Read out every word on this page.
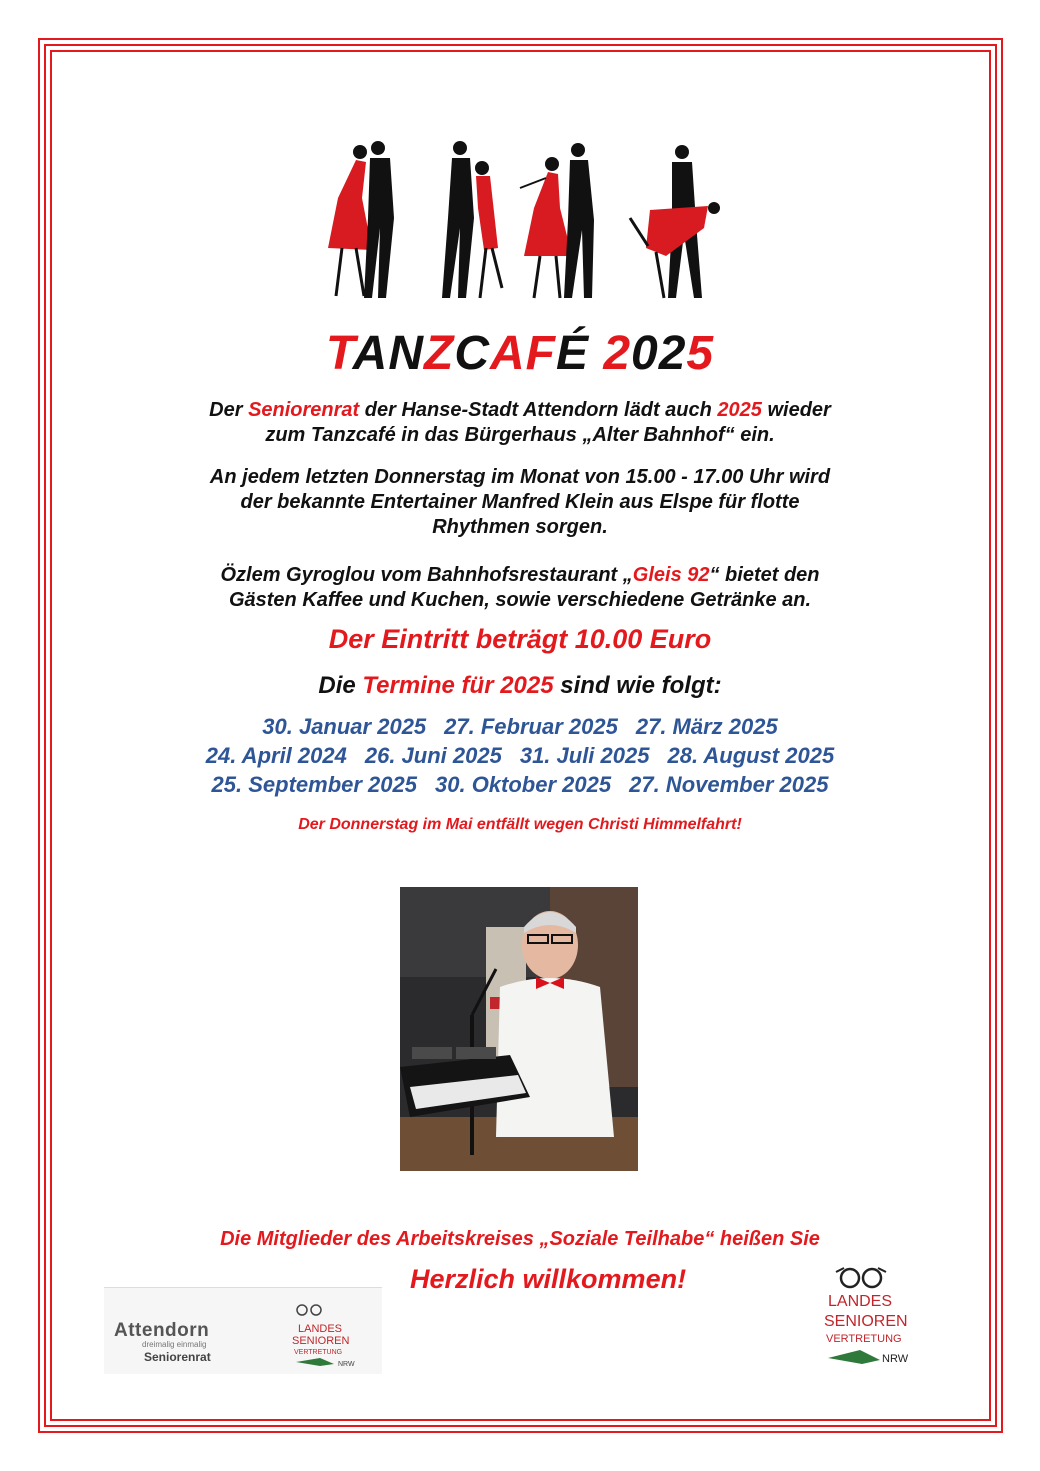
TANZCAFÉ 2025

Der Seniorenrat der Hanse-Stadt Attendorn lädt auch 2025 wieder
zum Tanzcafé in das Bürgerhaus „Alter Bahnhof“ ein.

An jedem letzten Donnerstag im Monat von 15.00 - 17.00 Uhr wird
der bekannte Entertainer Manfred Klein aus Elspe für flotte
Rhythmen sorgen.

Özlem Gyroglou vom Bahnhofsrestaurant „Gleis 92“ bietet den
Gästen Kaffee und Kuchen, sowie verschiedene Getränke an.

Der Eintritt beträgt 10.00 Euro

Die Termine für 2025 sind wie folgt:

30. Januar 2025 27. Februar 2025 27. März 2025
24. April 2024 26. Juni 2025 31. Juli 2025 28. August 2025
25. September 2025 30. Oktober 2025 27. November 2025

Der Donnerstag im Mai entfällt wegen Christi Himmelfahrt!

Die Mitglieder des Arbeitskreises „Soziale Teilhabe“ heißen Sie

Herzlich willkommen!

Attendorn
dreimalig einmalig
Seniorenrat
LANDES
SENIOREN
VERTRETUNG
NRW
LANDES
SENIOREN
VERTRETUNG
NRW
